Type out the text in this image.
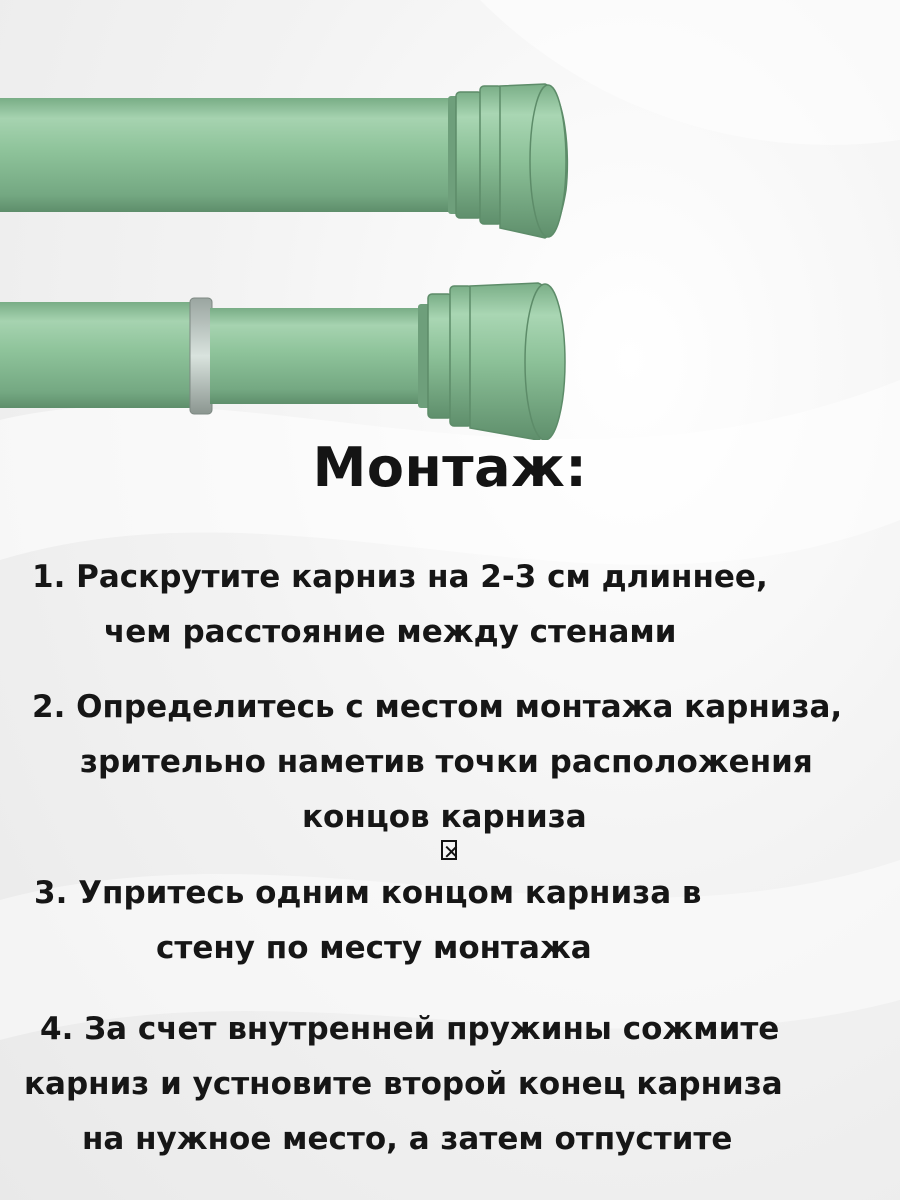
Монтаж:
1. Раскрутите карниз на 2-3 см длиннее,
чем расстояние между стенами
2. Определитесь с местом монтажа карниза,
зрительно наметив точки расположения
концов карниза
✕
3. Упритесь одним концом карниза в
стену по месту монтажа
4. За счет внутренней пружины сожмите
карниз и устновите второй конец карниза
на нужное место, а затем отпустите
